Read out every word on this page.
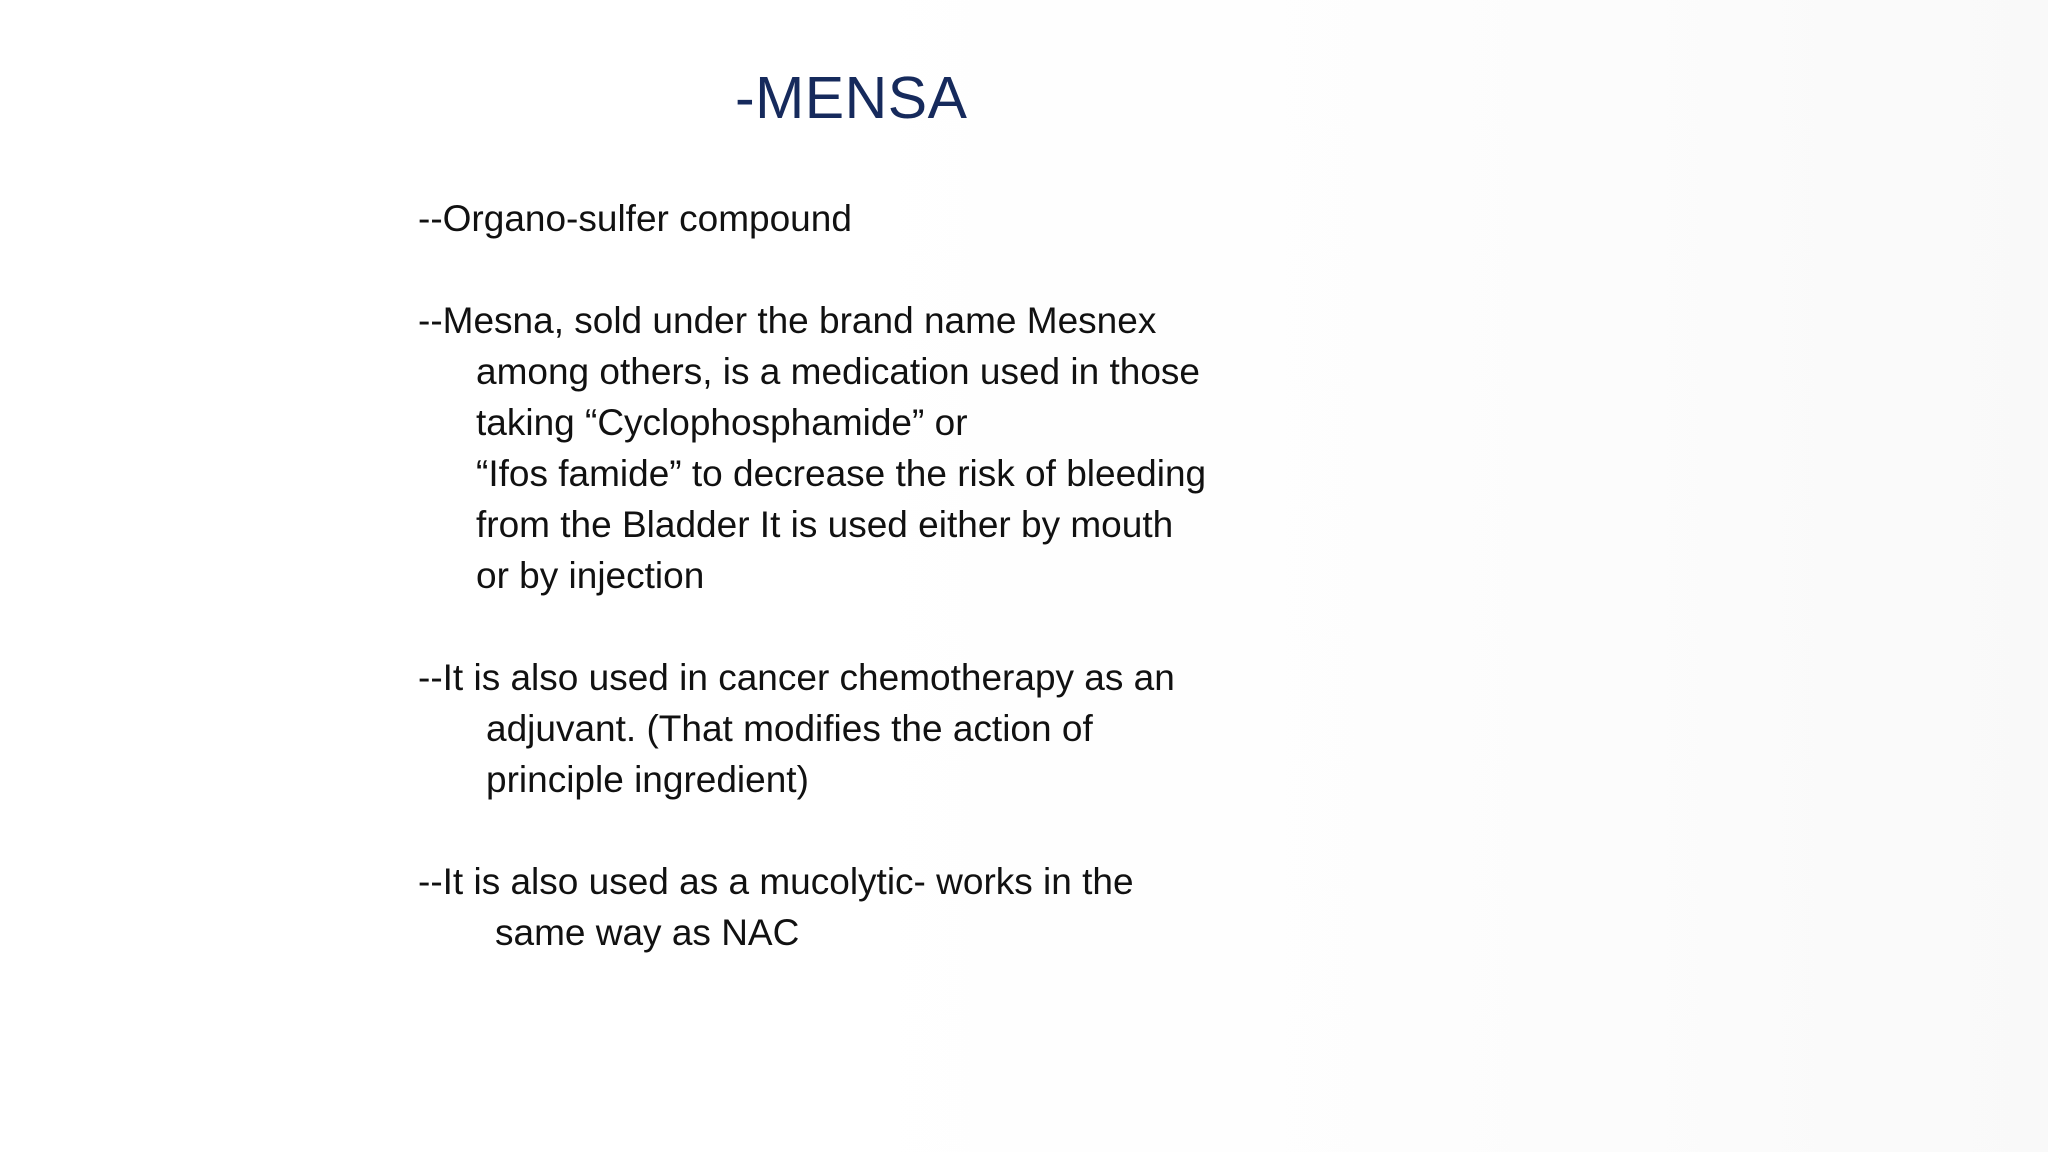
-MENSA
--Organo-sulfer compound
--Mesna, sold under the brand name Mesnex
among others, is a medication used in those
taking “Cyclophosphamide” or
“Ifos famide” to decrease the risk of bleeding
from the Bladder It is used either by mouth
or by injection
--It is also used in cancer chemotherapy as an
adjuvant. (That modifies the action of
principle ingredient)
--It is also used as a mucolytic- works in the
same way as NAC
